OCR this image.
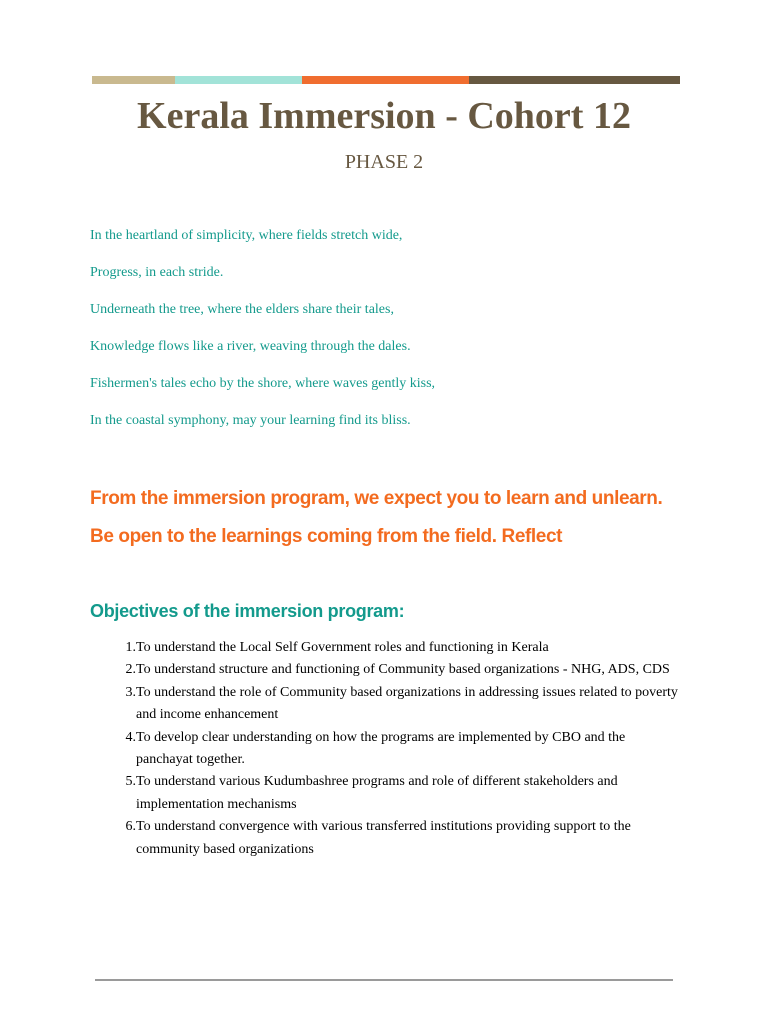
Kerala Immersion - Cohort 12
PHASE 2
In the heartland of simplicity, where fields stretch wide,
Progress, in each stride.
Underneath the tree, where the elders share their tales,
Knowledge flows like a river, weaving through the dales.
Fishermen's tales echo by the shore, where waves gently kiss,
In the coastal symphony, may your learning find its bliss.

From the immersion program, we expect you to learn and unlearn. Be open to the learnings coming from the field. Reflect

Objectives of the immersion program:
1. To understand the Local Self Government roles and functioning in Kerala
2. To understand structure and functioning of Community based organizations - NHG, ADS, CDS
3. To understand the role of Community based organizations in addressing issues related to poverty and income enhancement
4. To develop clear understanding on how the programs are implemented by CBO and the panchayat together.
5. To understand various Kudumbashree programs and role of different stakeholders and implementation mechanisms
6. To understand convergence with various transferred institutions providing support to the community based organizations
